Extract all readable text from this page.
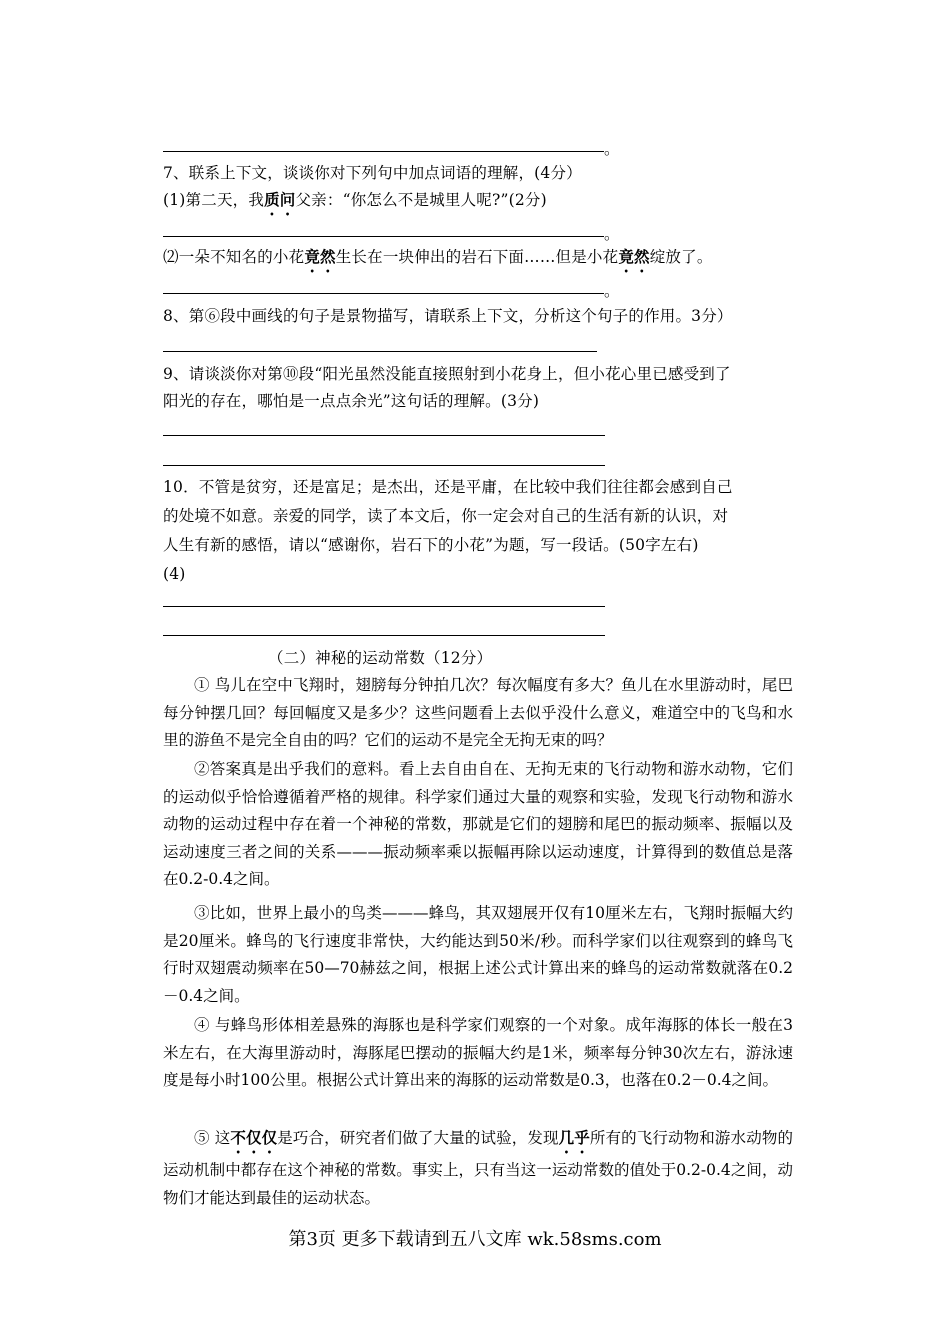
。
7、联系上下文，谈谈你对下列句中加点词语的理解，(4分）
(1)第二天，我质问父亲：“你怎么不是城里人呢?”(2分)
。
⑵一朵不知名的小花竟然生长在一块伸出的岩石下面……但是小花竟然绽放了。
。
8、第⑥段中画线的句子是景物描写，请联系上下文，分析这个句子的作用。3分）
9、请谈淡你对第⑩段“阳光虽然没能直接照射到小花身上，但小花心里已感受到了
阳光的存在，哪怕是一点点余光”这句话的理解。(3分)
10．不管是贫穷，还是富足；是杰出，还是平庸，在比较中我们往往都会感到自己
的处境不如意。亲爱的同学，读了本文后，你一定会对自己的生活有新的认识，对
人生有新的感悟，请以“感谢你，岩石下的小花”为题，写一段话。(50字左右)
(4)
（二）神秘的运动常数（12分）
① 鸟儿在空中飞翔时，翅膀每分钟拍几次？每次幅度有多大？鱼儿在水里游动时，尾巴每分钟摆几回？每回幅度又是多少？这些问题看上去似乎没什么意义，难道空中的飞鸟和水里的游鱼不是完全自由的吗？它们的运动不是完全无拘无束的吗？
②答案真是出乎我们的意料。看上去自由自在、无拘无束的飞行动物和游水动物，它们的运动似乎恰恰遵循着严格的规律。科学家们通过大量的观察和实验，发现飞行动物和游水动物的运动过程中存在着一个神秘的常数，那就是它们的翅膀和尾巴的振动频率、振幅以及运动速度三者之间的关系———振动频率乘以振幅再除以运动速度，计算得到的数值总是落在0.2-0.4之间。
③比如，世界上最小的鸟类———蜂鸟，其双翅展开仅有10厘米左右，飞翔时振幅大约是20厘米。蜂鸟的飞行速度非常快，大约能达到50米/秒。而科学家们以往观察到的蜂鸟飞行时双翅震动频率在50—70赫兹之间，根据上述公式计算出来的蜂鸟的运动常数就落在0.2－0.4之间。
④ 与蜂鸟形体相差悬殊的海豚也是科学家们观察的一个对象。成年海豚的体长一般在3米左右，在大海里游动时，海豚尾巴摆动的振幅大约是1米，频率每分钟30次左右，游泳速度是每小时100公里。根据公式计算出来的海豚的运动常数是0.3，也落在0.2－0.4之间。
⑤ 这不仅仅是巧合，研究者们做了大量的试验，发现几乎所有的飞行动物和游水动物的运动机制中都存在这个神秘的常数。事实上，只有当这一运动常数的值处于0.2-0.4之间，动物们才能达到最佳的运动状态。
第3页 更多下载请到五八文库 wk.58sms.com
